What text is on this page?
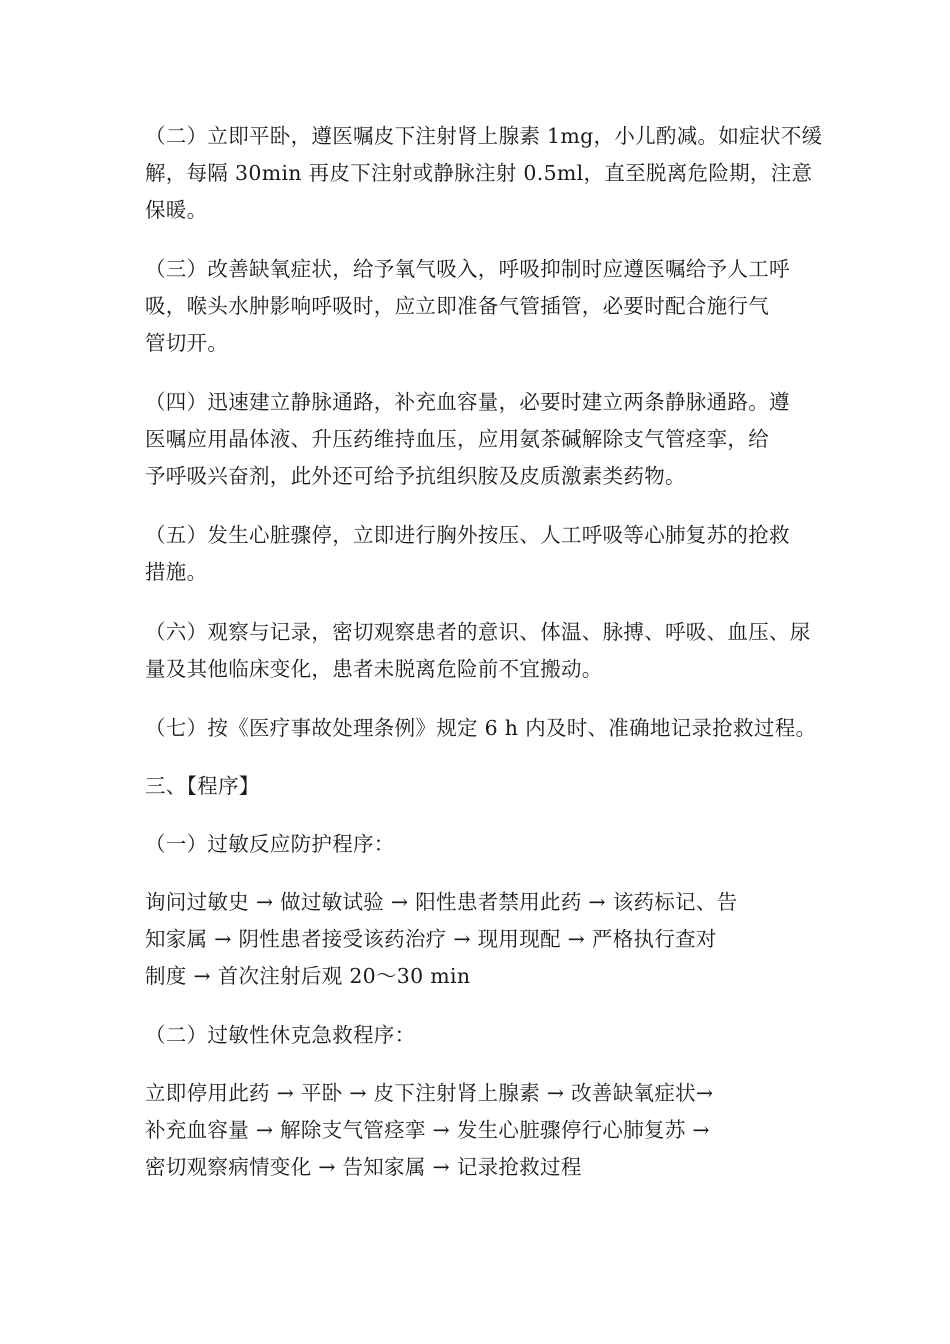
（二）立即平卧，遵医嘱皮下注射肾上腺素 1mg，小儿酌减。如症状不缓
解，每隔 30min 再皮下注射或静脉注射 0.5ml，直至脱离危险期，注意
保暖。
（三）改善缺氧症状，给予氧气吸入，呼吸抑制时应遵医嘱给予人工呼
吸，喉头水肿影响呼吸时，应立即准备气管插管，必要时配合施行气
管切开。
（四）迅速建立静脉通路，补充血容量，必要时建立两条静脉通路。遵
医嘱应用晶体液、升压药维持血压，应用氨茶碱解除支气管痉挛，给
予呼吸兴奋剂，此外还可给予抗组织胺及皮质激素类药物。
（五）发生心脏骤停，立即进行胸外按压、人工呼吸等心肺复苏的抢救
措施。
（六）观察与记录，密切观察患者的意识、体温、脉搏、呼吸、血压、尿
量及其他临床变化，患者未脱离危险前不宜搬动。
（七）按《医疗事故处理条例》规定 6 h 内及时、准确地记录抢救过程。

三、【程序】

（一）过敏反应防护程序：

询问过敏史 → 做过敏试验 → 阳性患者禁用此药 → 该药标记、告
知家属 → 阴性患者接受该药治疗 → 现用现配 → 严格执行查对
制度 → 首次注射后观 20～30 min

（二）过敏性休克急救程序：

立即停用此药 → 平卧 → 皮下注射肾上腺素 → 改善缺氧症状→
补充血容量 → 解除支气管痉挛 → 发生心脏骤停行心肺复苏 →
密切观察病情变化 → 告知家属 → 记录抢救过程
